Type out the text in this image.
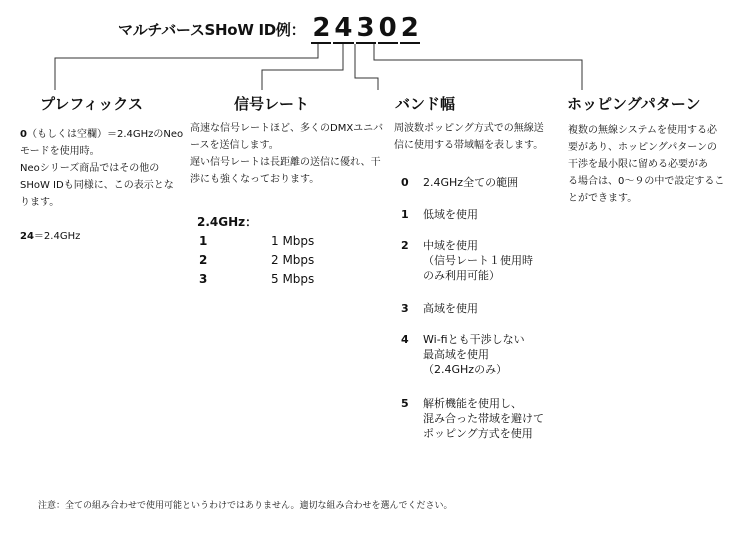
マルチバースSHoW ID例： 2 4 3 0 2
プレフィックス

0（もしくは空欄）＝2.4GHzのNeo

モードを使用時。

Neoシリーズ商品ではその他の

SHoW IDも同様に、この表示とな

ります。

24＝2.4GHz

信号レート

高速な信号レートほど、多くのDMXユニバ

ースを送信します。

遅い信号レートは長距離の送信に優れ、干

渉にも強くなっております。

2.4GHz：
1	1 Mbps
2	2 Mbps
3	5 Mbps
バンド幅

周波数ポッピング方式での無線送

信に使用する帯域幅を表します。

0	2.4GHz全ての範囲
1	低域を使用
2	中域を使用
（信号レート１使用時
のみ利用可能）
3	高域を使用
4	Wi-fiとも干渉しない
最高域を使用
（2.4GHzのみ）
5	解析機能を使用し、
混み合った帯域を避けて
ポッピング方式を使用
ホッピングパターン

複数の無線システムを使用する必

要があり、ホッピングパターンの

干渉を最小限に留める必要があ

る場合は、0～９の中で設定するこ

とができます。

注意：全ての組み合わせで使用可能というわけではありません。適切な組み合わせを選んでください。
